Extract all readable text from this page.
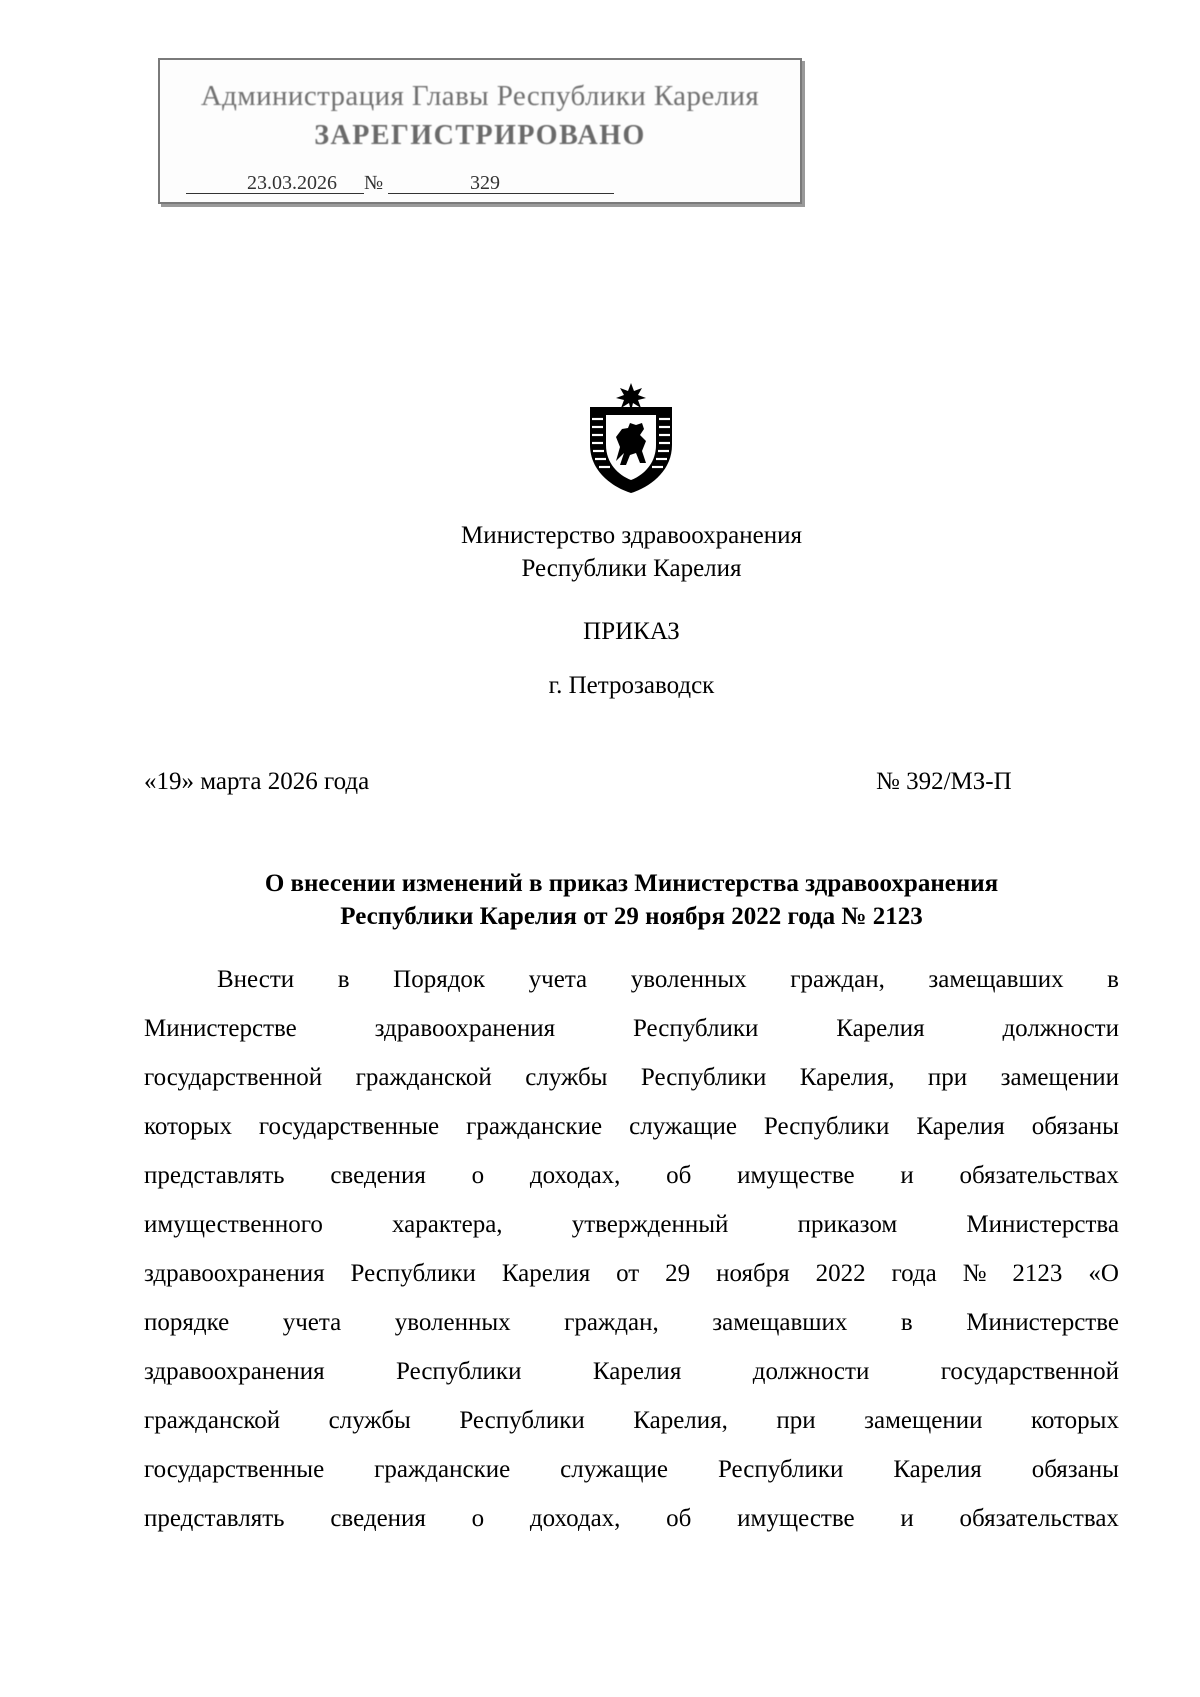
Администрация Главы Республики Карелия
ЗАРЕГИСТРИРОВАНО
23.03.2026	№	329
Министерство здравоохранения
Республики Карелия
ПРИКАЗ
г. Петрозаводск
«19» марта 2026 года	№ 392/МЗ-П
О внесении изменений в приказ Министерства здравоохранения
Республики Карелия от 29 ноября 2022 года № 2123
Внести в Порядок учета уволенных граждан, замещавших в
Министерстве	здравоохранения	Республики	Карелия	должности
государственной гражданской службы Республики Карелия, при замещении
которых государственные гражданские служащие Республики Карелия обязаны
представлять сведения о доходах, об имуществе и обязательствах
имущественного	характера,	утвержденный	приказом	Министерства
здравоохранения Республики Карелия от 29 ноября 2022 года № 2123 «О
порядке учета уволенных граждан, замещавших в Министерстве
здравоохранения	Республики	Карелия	должности	государственной
гражданской службы Республики Карелия, при замещении которых
государственные гражданские служащие Республики Карелия обязаны
представлять сведения о доходах, об имуществе и обязательствах
